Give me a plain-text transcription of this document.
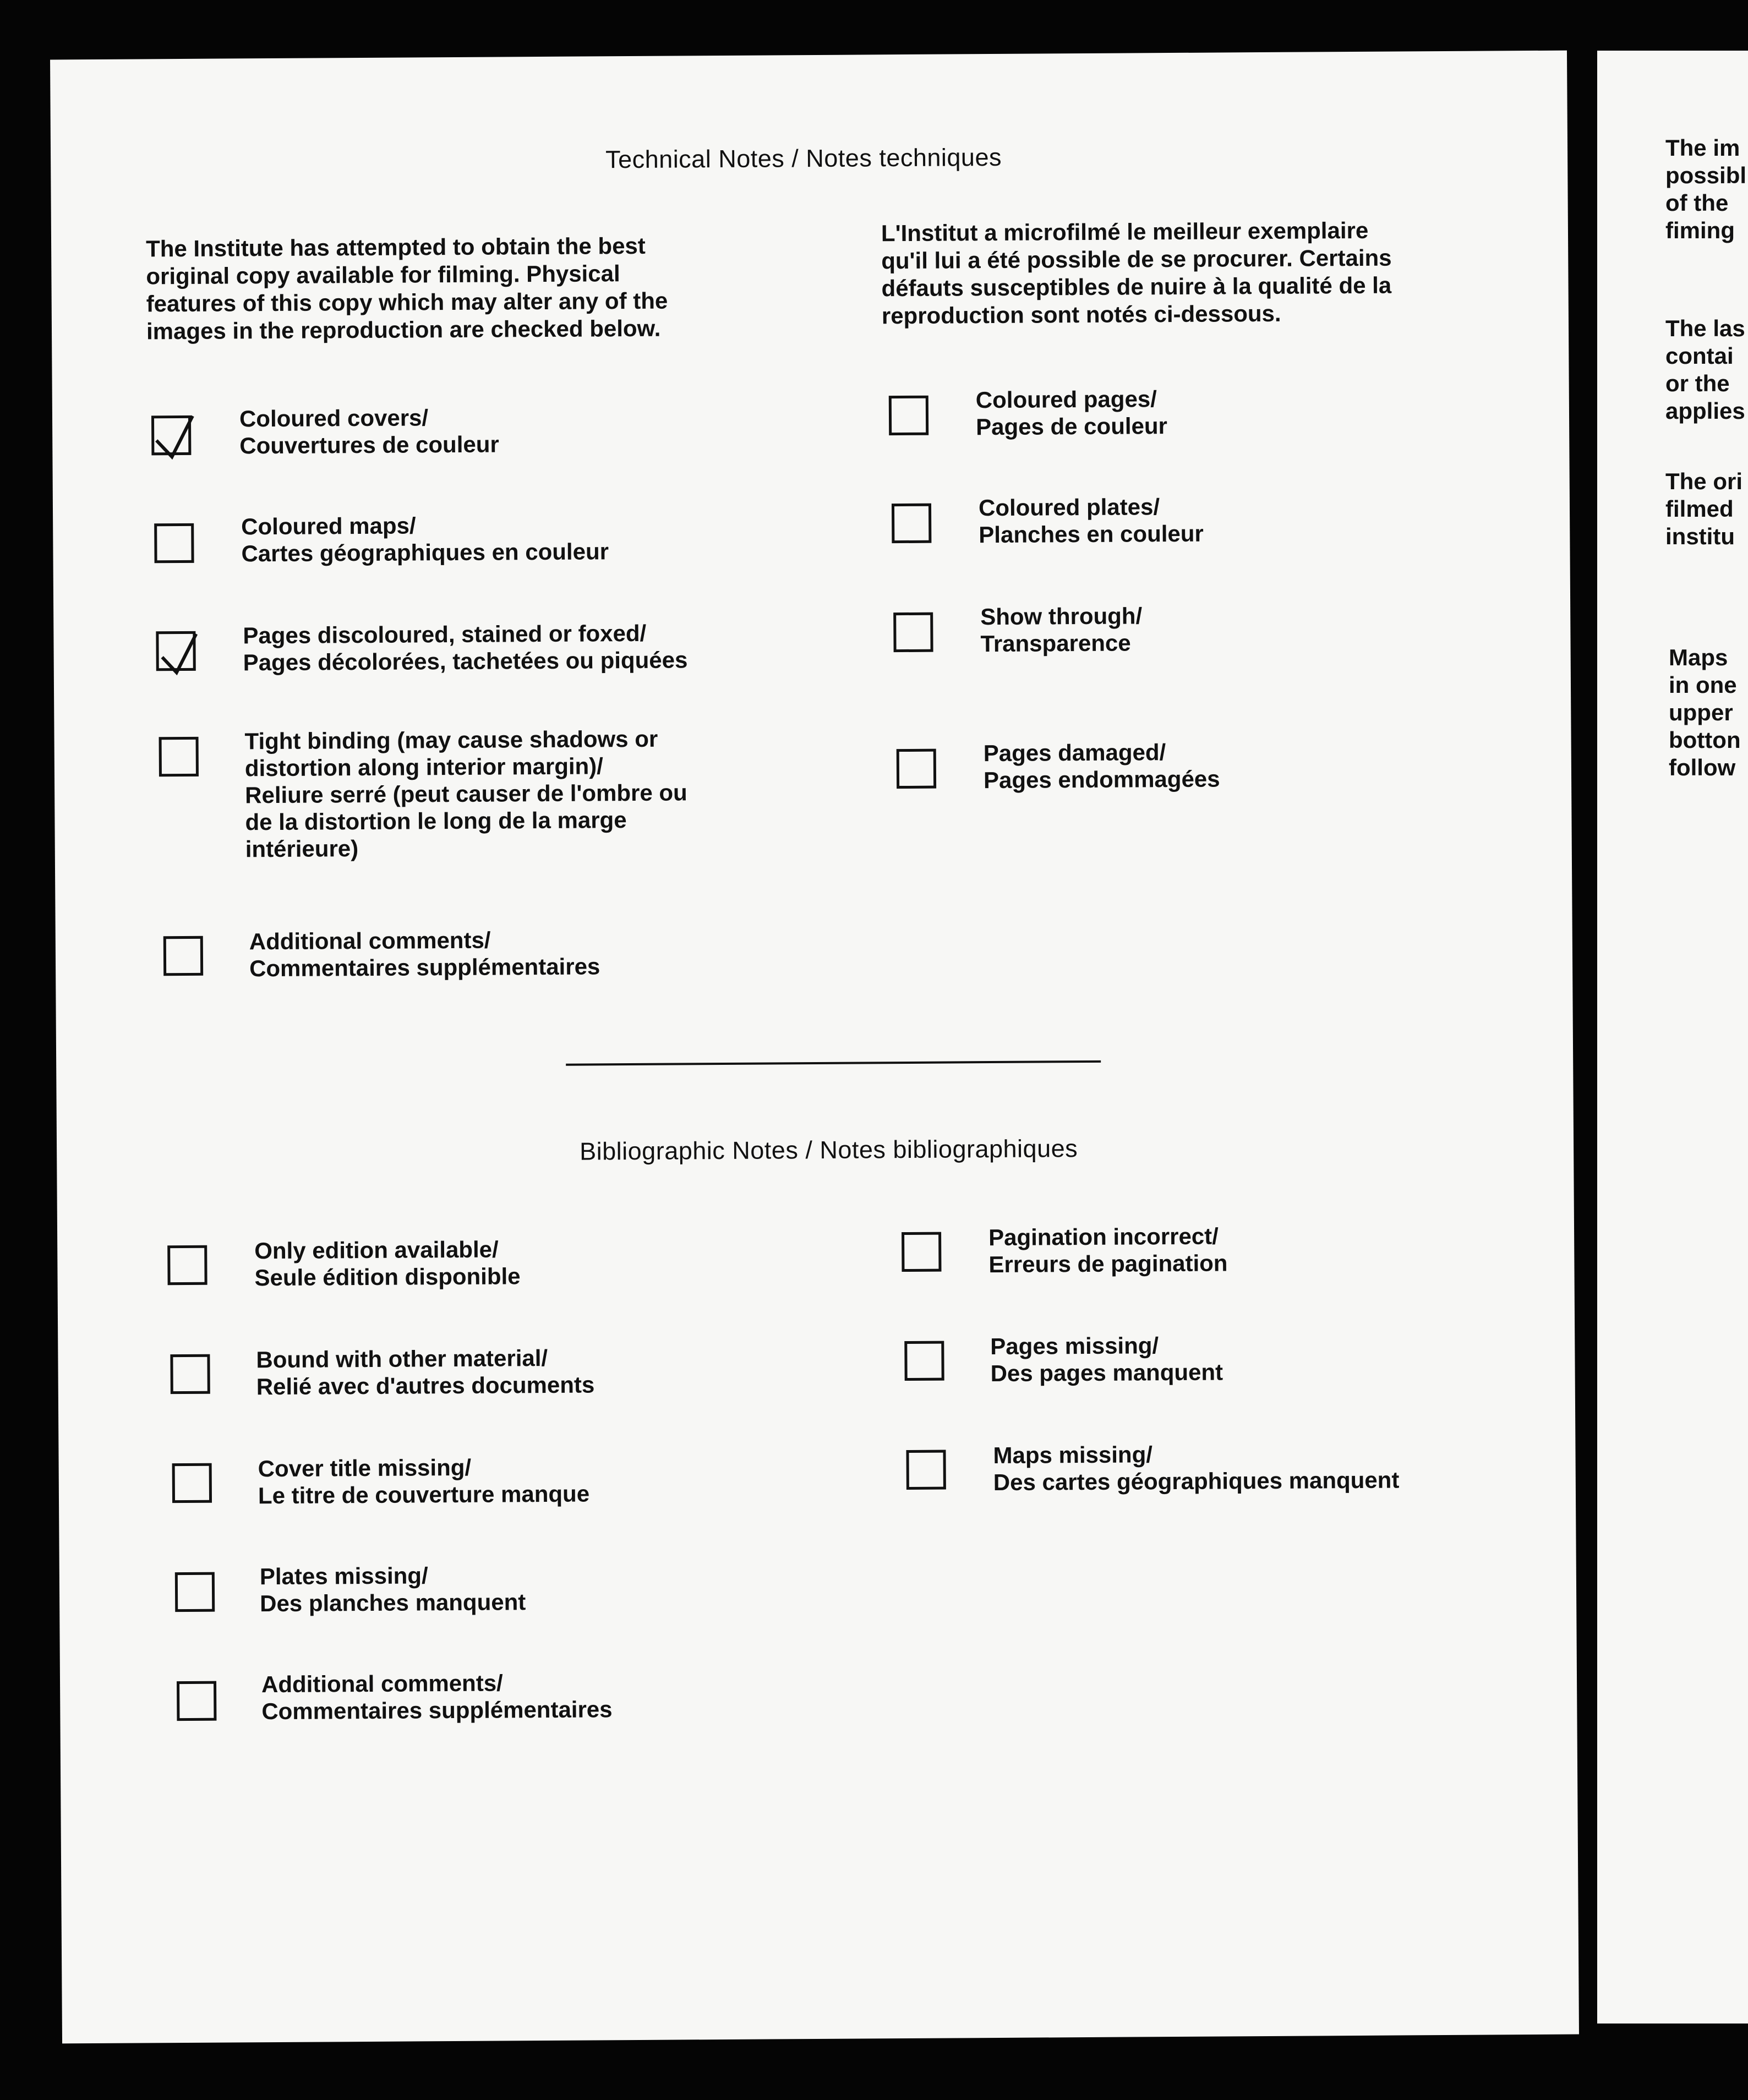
Technical Notes / Notes techniques
The Institute has attempted to obtain the best
original copy available for filming. Physical
features of this copy which may alter any of the
images in the reproduction are checked below.
L'Institut a microfilmé le meilleur exemplaire
qu'il lui a été possible de se procurer. Certains
défauts susceptibles de nuire à la qualité de la
reproduction sont notés ci-dessous.
Coloured covers/
Couvertures de couleur
Coloured maps/
Cartes géographiques en couleur
Pages discoloured, stained or foxed/
Pages décolorées, tachetées ou piquées
Tight binding (may cause shadows or
distortion along interior margin)/
Reliure serré (peut causer de l'ombre ou
de la distortion le long de la marge
intérieure)
Additional comments/
Commentaires supplémentaires
Coloured pages/
Pages de couleur
Coloured plates/
Planches en couleur
Show through/
Transparence
Pages damaged/
Pages endommagées
Bibliographic Notes / Notes bibliographiques
Only edition available/
Seule édition disponible
Bound with other material/
Relié avec d'autres documents
Cover title missing/
Le titre de couverture manque
Plates missing/
Des planches manquent
Additional comments/
Commentaires supplémentaires
Pagination incorrect/
Erreurs de pagination
Pages missing/
Des pages manquent
Maps missing/
Des cartes géographiques manquent
The im
possibl
of the
fiming
The las
contai
or the
applies
The ori
filmed
institu
Maps
in one
upper
botton
follow
